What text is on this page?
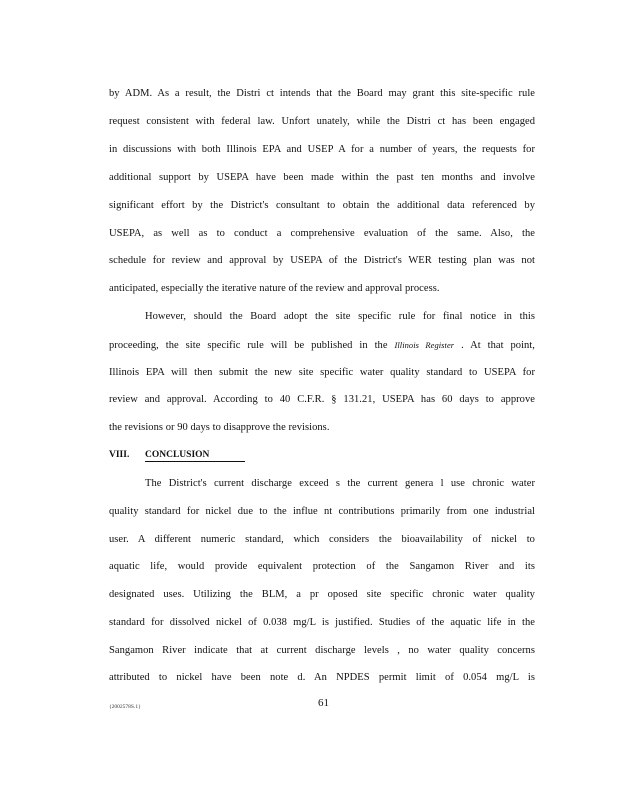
by ADM. As a result, the Distri ct intends that the Board may grant this site-specific rule
request consistent with federal law. Unfort unately, while the Distri ct has been engaged
in discussions with both Illinois EPA and USEP A for a number of years, the requests for
additional support by USEPA have been made within the past ten months and involve
significant effort by the District's consultant to obtain the additional data referenced by
USEPA, as well as to conduct a comprehensive evaluation of the same. Also, the
schedule for review and approval by USEPA of the District's WER testing plan was not
anticipated, especially the iterative nature of the review and approval process.
However, should the Board adopt the site specific rule for final notice in this
proceeding, the site specific rule will be published in the Illinois Register . At that point,
Illinois EPA will then submit the new site specific water quality standard to USEPA for
review and approval. According to 40 C.F.R. § 131.21, USEPA has 60 days to approve
the revisions or 90 days to disapprove the revisions.
VIII. CONCLUSION
The District's current discharge exceed s the current genera l use chronic water
quality standard for nickel due to the influe nt contributions primarily from one industrial
user. A different numeric standard, which considers the bioavailability of nickel to
aquatic life, would provide equivalent protection of the Sangamon River and its
designated uses. Utilizing the BLM, a pr oposed site specific chronic water quality
standard for dissolved nickel of 0.038 mg/L is justified. Studies of the aquatic life in the
Sangamon River indicate that at current discharge levels , no water quality concerns
attributed to nickel have been note d. An NPDES permit limit of 0.054 mg/L is
{2002578S.1}	61
